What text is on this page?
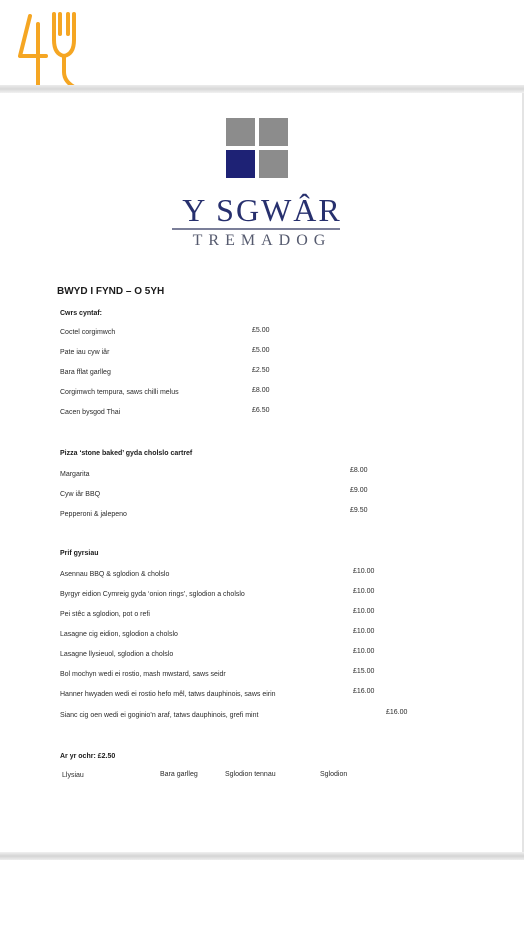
Y SGWÂR
TREMADOG
BWYD I FYND – O 5YH
Cwrs cyntaf:
Coctel corgimwch	£5.00
Pate iau cyw iâr	£5.00
Bara fflat garlleg	£2.50
Corgimwch tempura, saws chilli melus	£8.00
Cacen bysgod Thai	£6.50
Pizza ‘stone baked’ gyda cholslo cartref
Margarita
£8.00
Cyw iâr BBQ
£9.00
Pepperoni & jalepeno
£9.50
Prif gyrsiau
Asennau BBQ & sglodion & cholslo	£10.00
Byrgyr eidion Cymreig gyda ‘onion rings’, sglodion a cholslo	£10.00
Pei stêc a sglodion, pot o refi	£10.00
Lasagne cig eidion, sglodion a cholslo	£10.00
Lasagne llysieuol, sglodion a cholslo	£10.00
Bol mochyn wedi ei rostio, mash mwstard, saws seidr	£15.00
Hanner hwyaden wedi ei rostio hefo mêl, tatws dauphinois, saws eirin	£16.00
Sianc cig oen wedi ei goginio’n araf, tatws dauphinois, grefi mint	£16.00
Ar yr ochr: £2.50
Llysiau	Bara garlleg	Sglodion tennau	Sglodion
